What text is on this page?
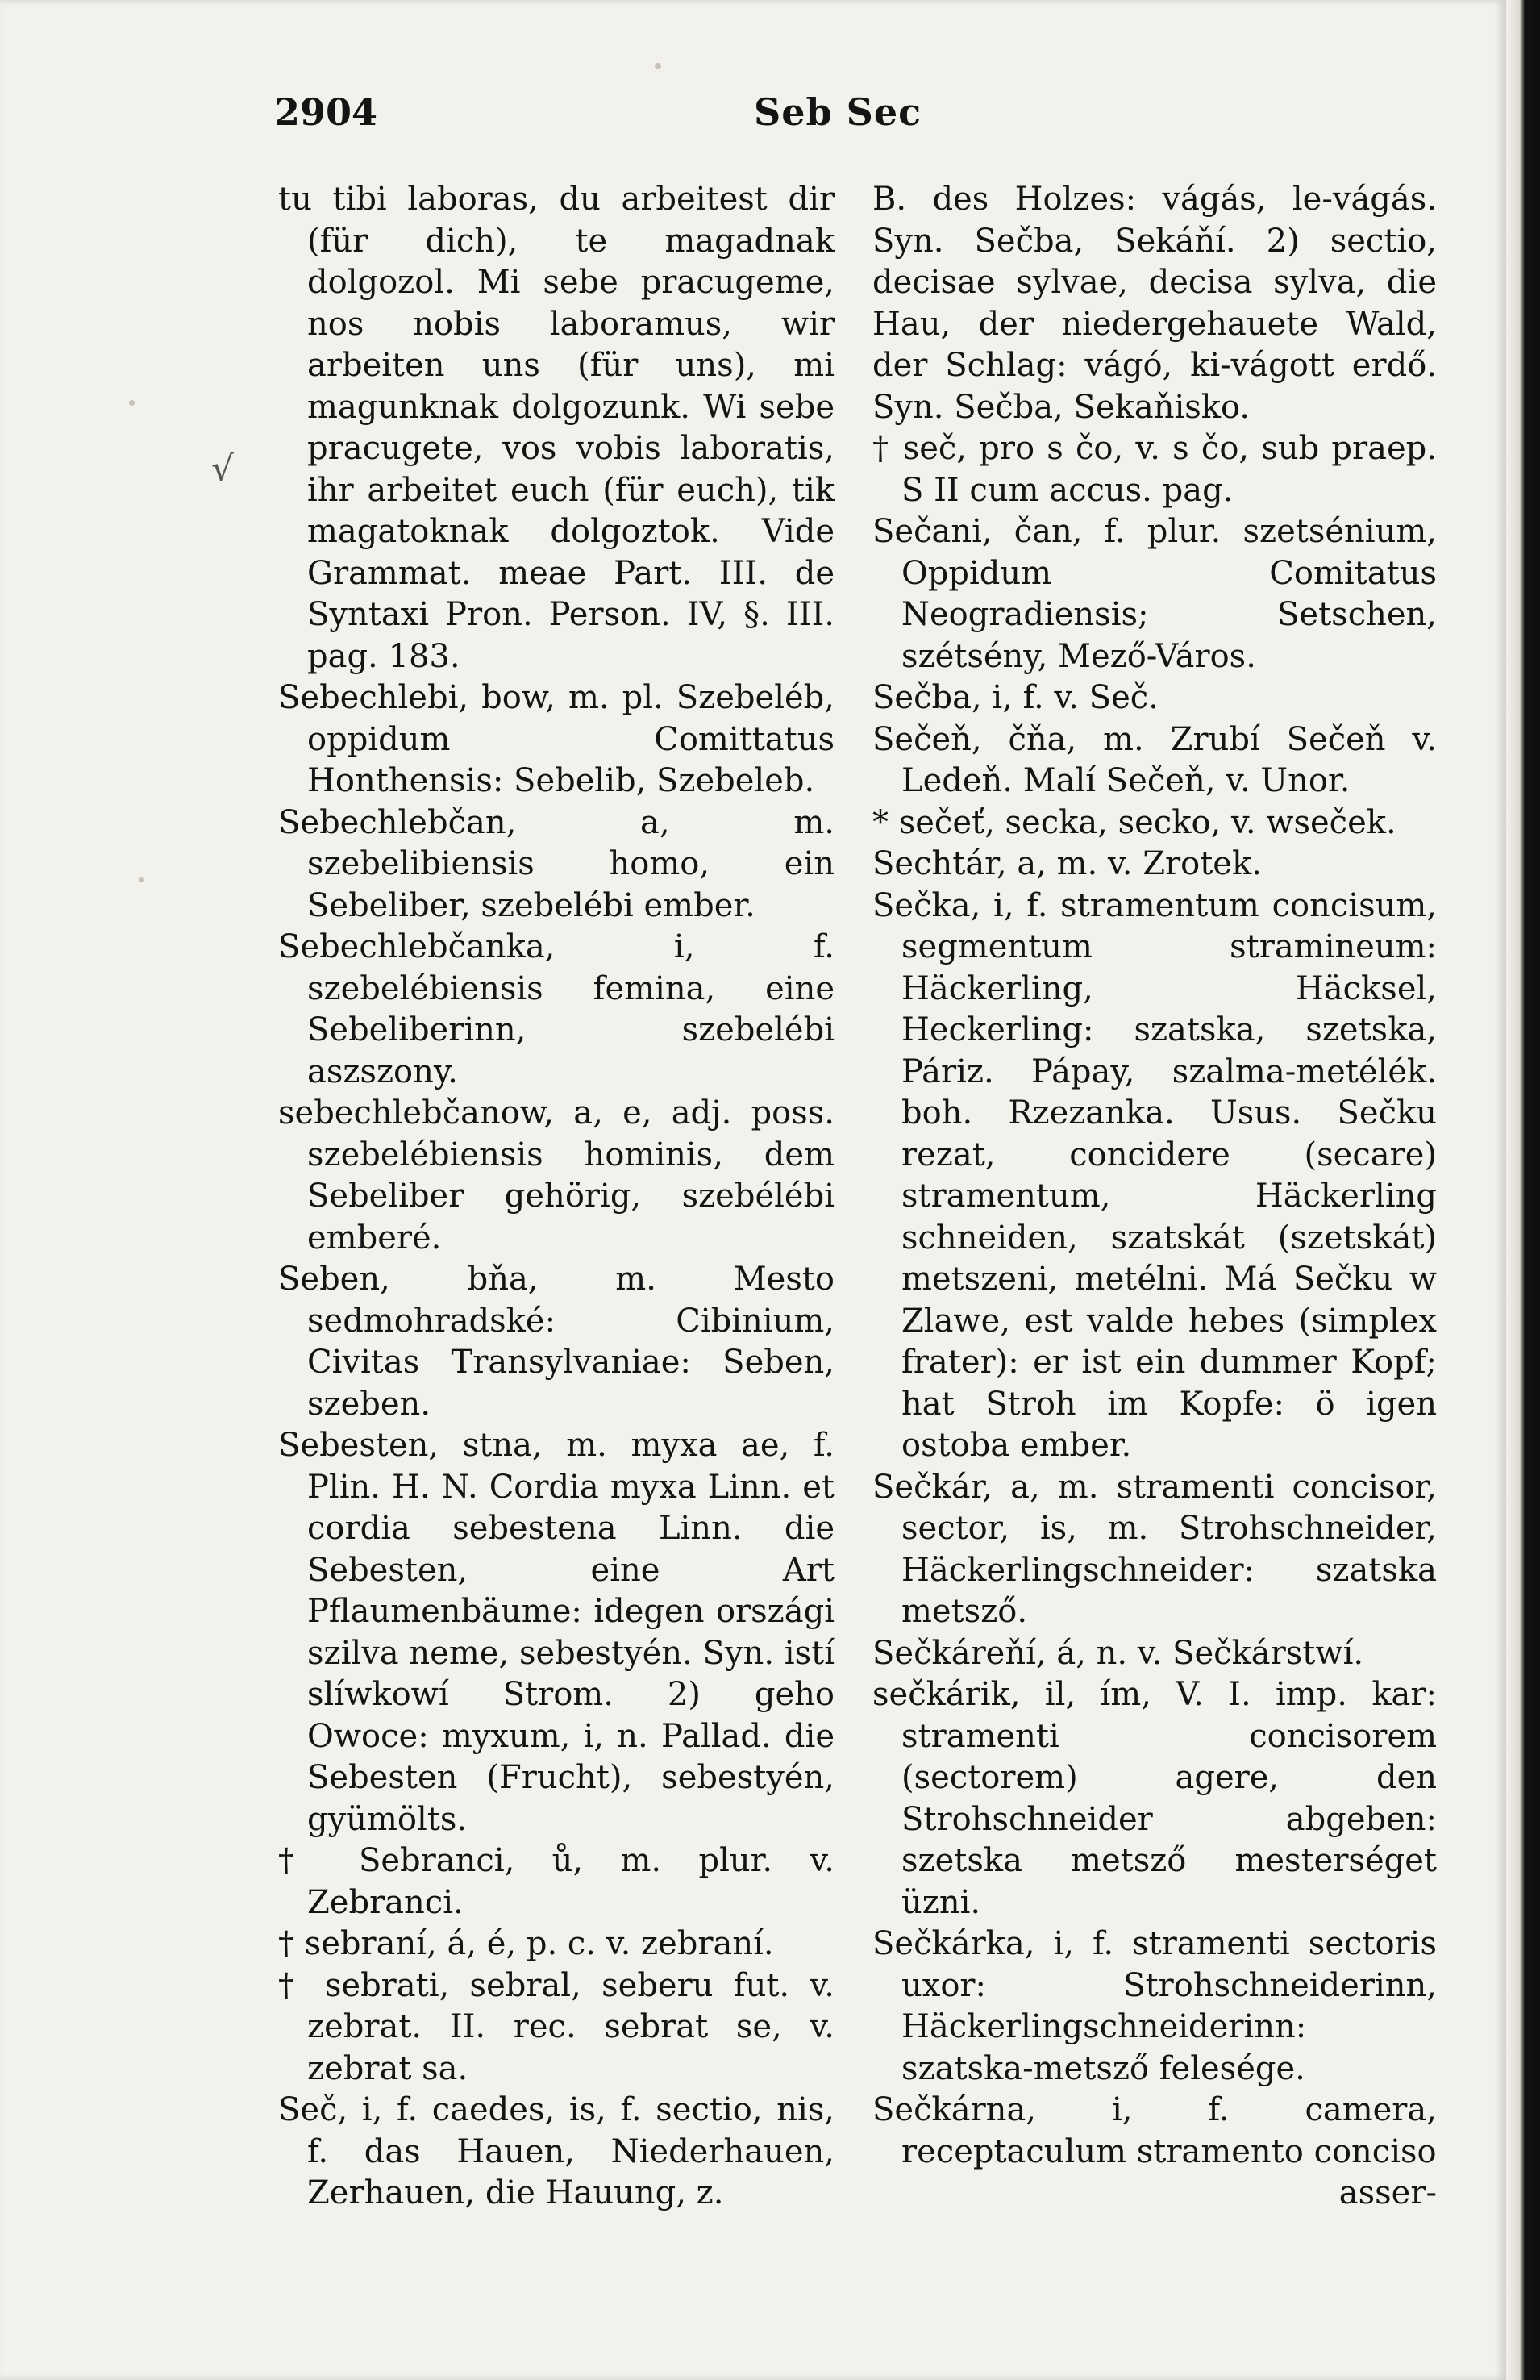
2904	Seb Sec
√

tu tibi laboras, du arbeitest dir (für dich), te magadnak dolgozol. Mi sebe pracugeme, nos nobis laboramus, wir arbeiten uns (für uns), mi magunknak dolgozunk. Wi sebe pracugete, vos vobis laboratis, ihr arbeitet euch (für euch), tik magatoknak dolgoztok. Vide Grammat. meae Part. III. de Syntaxi Pron. Person. IV, §. III. pag. 183.

Sebechlebi, bow, m. pl. Szebeléb, oppidum Comittatus Honthensis: Sebelib, Szebeleb.

Sebechlebčan, a, m. szebelibiensis homo, ein Sebeliber, szebelébi ember.

Sebechlebčanka, i, f. szebelébiensis femina, eine Sebeliberinn, szebelébi aszszony.

sebechlebčanow, a, e, adj. poss. szebelébiensis hominis, dem Sebeliber gehörig, szebélébi emberé.

Seben, bňa, m. Mesto sedmohradské: Cibinium, Civitas Transylvaniae: Seben, szeben.

Sebesten, stna, m. myxa ae, f. Plin. H. N. Cordia myxa Linn. et cordia sebestena Linn. die Sebesten, eine Art Pflaumenbäume: idegen országi szilva neme, sebestyén. Syn. istí slíwkowí Strom. 2) geho Owoce: myxum, i, n. Pallad. die Sebesten (Frucht), sebestyén, gyümölts.

† Sebranci, ů, m. plur. v. Zebranci.

† sebraní, á, é, p. c. v. zebraní.

† sebrati, sebral, seberu fut. v. zebrat. II. rec. sebrat se, v. zebrat sa.

Seč, i, f. caedes, is, f. sectio, nis, f. das Hauen, Niederhauen, Zerhauen, die Hauung, z.

B. des Holzes: vágás, le-vágás. Syn. Sečba, Sekáňí. 2) sectio, decisae sylvae, decisa sylva, die Hau, der niedergehauete Wald, der Schlag: vágó, ki-vágott erdő. Syn. Sečba, Sekaňisko.

† seč, pro s čo, v. s čo, sub praep. S II cum accus. pag.

Sečani, čan, f. plur. szetsénium, Oppidum Comitatus Neogradiensis; Setschen, szétsény, Mező-Város.

Sečba, i, f. v. Seč.

Sečeň, čňa, m. Zrubí Sečeň v. Ledeň. Malí Sečeň, v. Unor.

* sečeť, secka, secko, v. wseček.

Sechtár, a, m. v. Zrotek.

Sečka, i, f. stramentum concisum, segmentum stramineum: Häckerling, Häcksel, Heckerling: szatska, szetska, Páriz. Pápay, szalma-metélék. boh. Rzezanka. Usus. Sečku rezat, concidere (secare) stramentum, Häckerling schneiden, szatskát (szetskát) metszeni, metélni. Má Sečku w Zlawe, est valde hebes (simplex frater): er ist ein dummer Kopf; hat Stroh im Kopfe: ö igen ostoba ember.

Sečkár, a, m. stramenti concisor, sector, is, m. Strohschneider, Häckerlingschneider: szatska metsző.

Sečkáreňí, á, n. v. Sečkárstwí.

sečkárik, il, ím, V. I. imp. kar: stramenti concisorem (sectorem) agere, den Strohschneider abgeben: szetska metsző mesterséget üzni.

Sečkárka, i, f. stramenti sectoris uxor: Strohschneiderinn, Häckerlingschneiderinn: szatska-metsző felesége.

Sečkárna, i, f. camera, receptaculum stramento conciso

asser-
